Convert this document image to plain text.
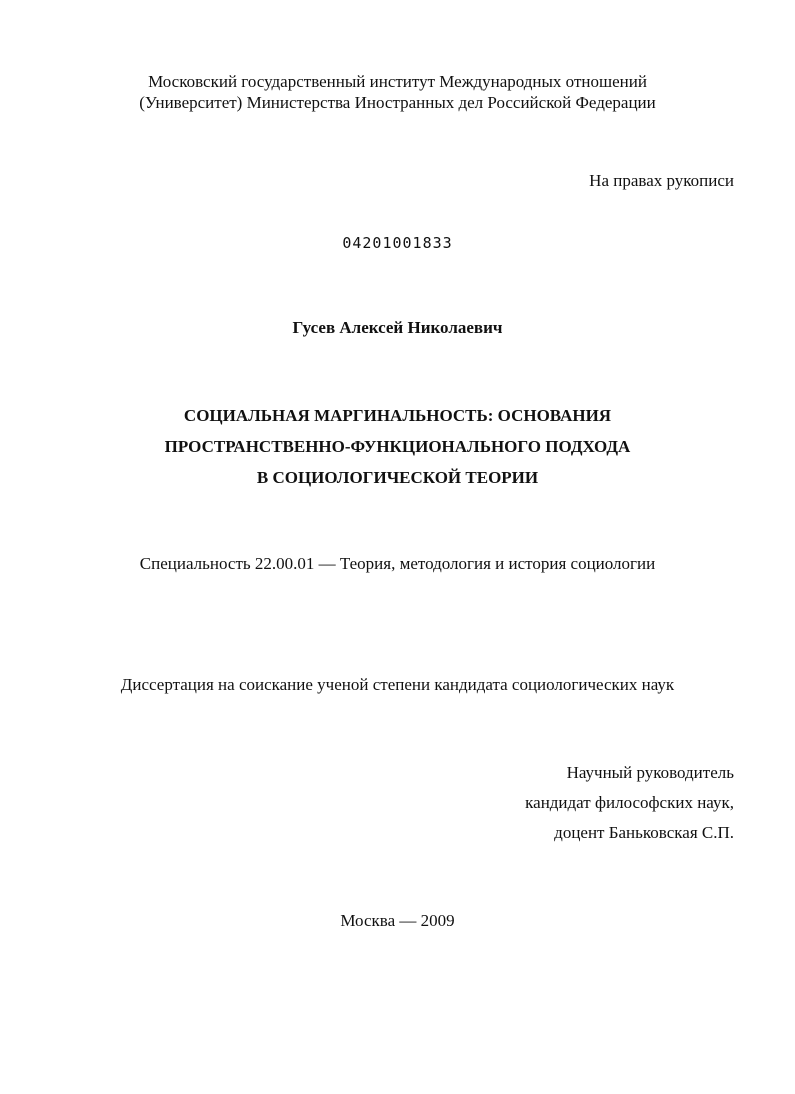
Московский государственный институт Международных отношений
(Университет) Министерства Иностранных дел Российской Федерации
На правах рукописи
04201001833
Гусев Алексей Николаевич
СОЦИАЛЬНАЯ МАРГИНАЛЬНОСТЬ: ОСНОВАНИЯ
ПРОСТРАНСТВЕННО-ФУНКЦИОНАЛЬНОГО ПОДХОДА
В СОЦИОЛОГИЧЕСКОЙ ТЕОРИИ
Специальность 22.00.01 — Теория, методология и история социологии
Диссертация на соискание ученой степени кандидата социологических наук
Научный руководитель
кандидат философских наук,
доцент Баньковская С.П.
Москва — 2009
